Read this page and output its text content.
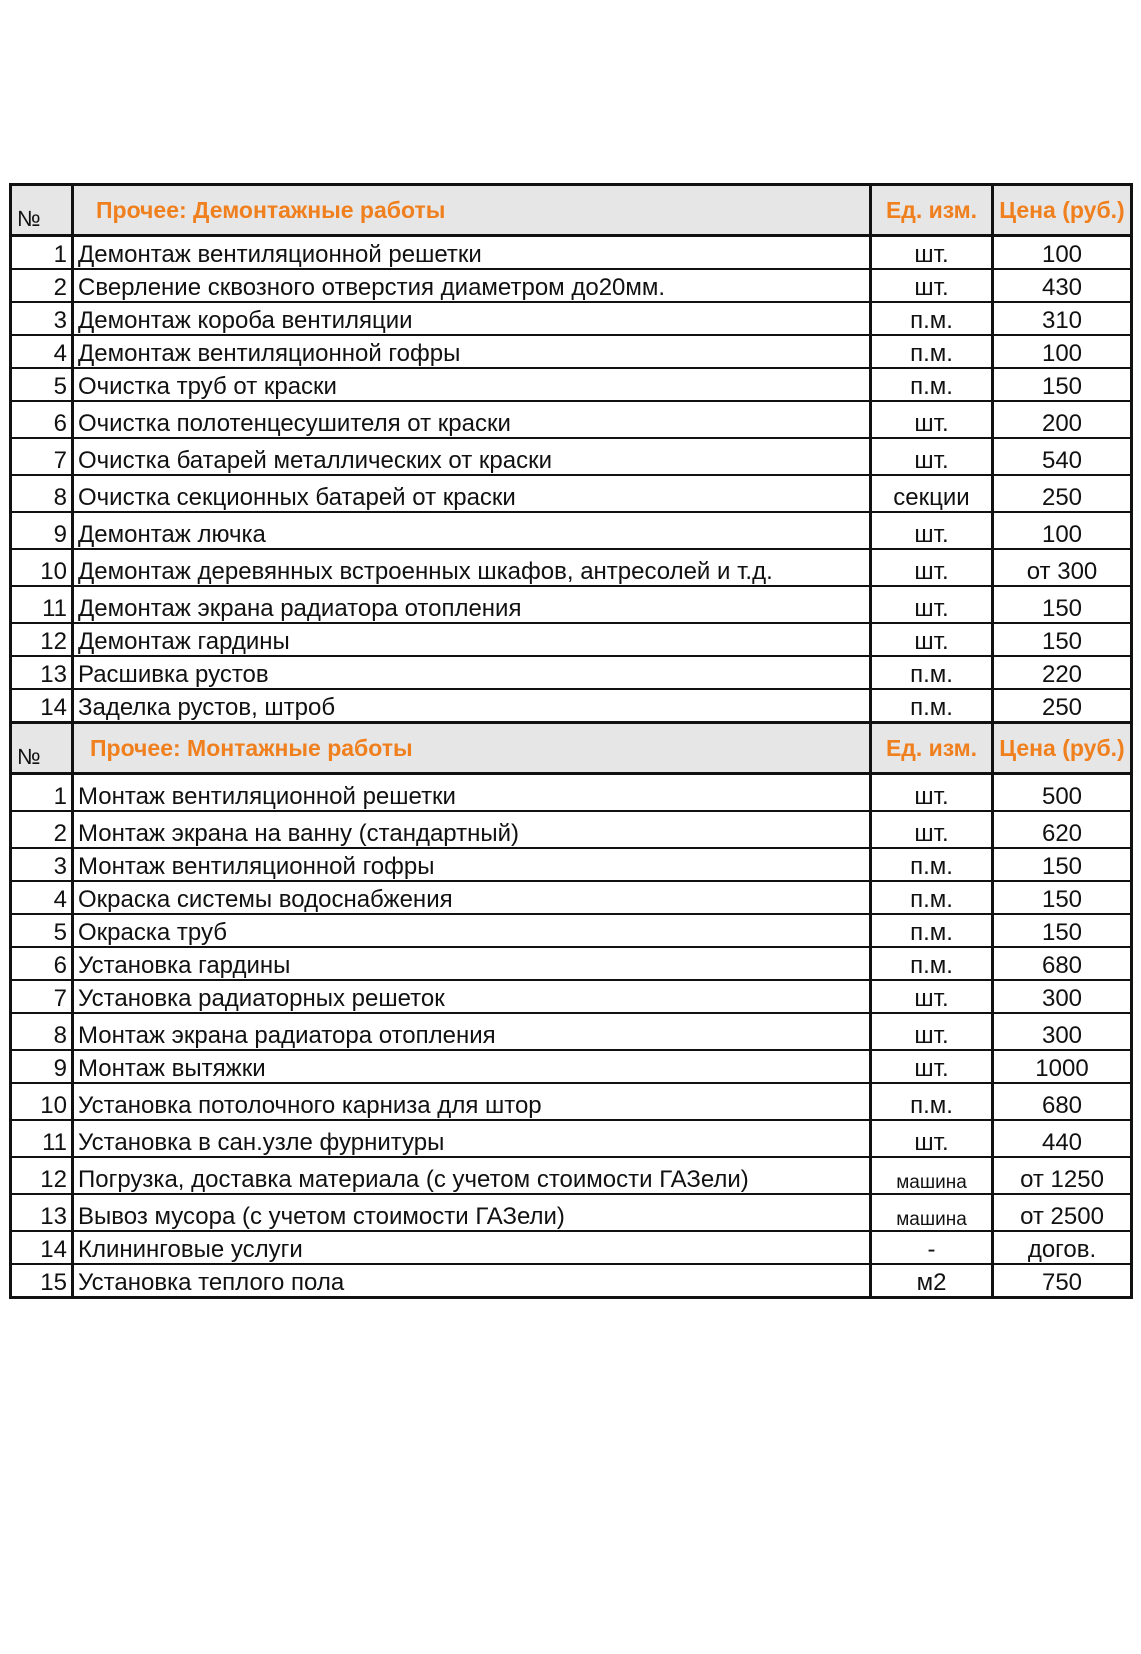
№	Прочее: Демонтажные работы	Ед. изм.	Цена (руб.)
1	Демонтаж вентиляционной решетки	шт.	100
2	Сверление сквозного отверстия диаметром до20мм.	шт.	430
3	Демонтаж короба вентиляции	п.м.	310
4	Демонтаж вентиляционной гофры	п.м.	100
5	Очистка труб от краски	п.м.	150
6	Очистка полотенцесушителя от краски	шт.	200
7	Очистка батарей металлических от краски	шт.	540
8	Очистка секционных батарей от краски	секции	250
9	Демонтаж лючка	шт.	100
10	Демонтаж деревянных встроенных шкафов, антресолей и т.д.	шт.	от 300
11	Демонтаж экрана радиатора отопления	шт.	150
12	Демонтаж гардины	шт.	150
13	Расшивка рустов	п.м.	220
14	Заделка рустов, штроб	п.м.	250
№	Прочее: Монтажные работы	Ед. изм.	Цена (руб.)
1	Монтаж вентиляционной решетки	шт.	500
2	Монтаж экрана на ванну (стандартный)	шт.	620
3	Монтаж вентиляционной гофры	п.м.	150
4	Окраска системы водоснабжения	п.м.	150
5	Окраска труб	п.м.	150
6	Установка гардины	п.м.	680
7	Установка радиаторных решеток	шт.	300
8	Монтаж экрана радиатора отопления	шт.	300
9	Монтаж вытяжки	шт.	1000
10	Установка потолочного карниза для штор	п.м.	680
11	Установка в сан.узле фурнитуры	шт.	440
12	Погрузка, доставка материала (с учетом стоимости ГАЗели)	машина	от 1250
13	Вывоз мусора (с учетом стоимости ГАЗели)	машина	от 2500
14	Клининговые услуги	-	догов.
15	Установка теплого пола	м2	750
